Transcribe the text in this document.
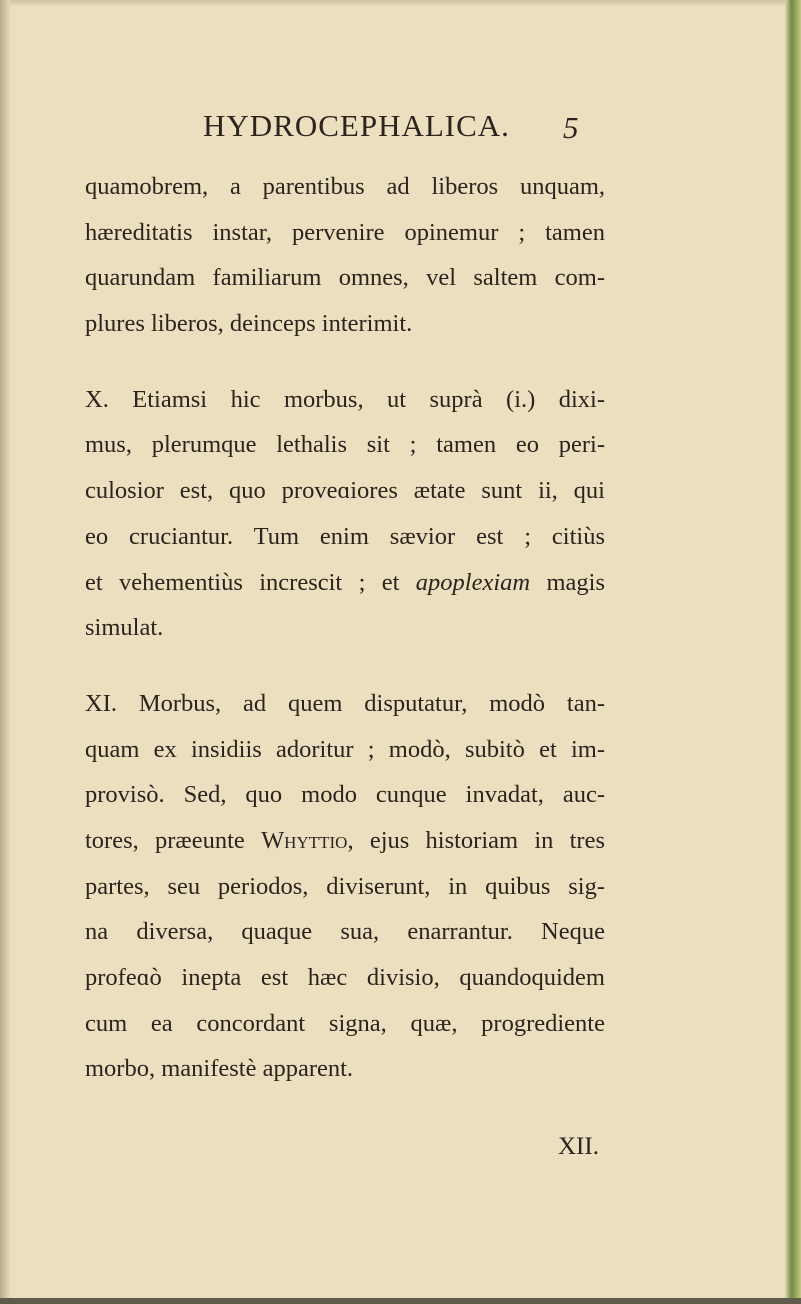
HYDROCEPHALICA. 5
quamobrem, a parentibus ad liberos unquam,
hæreditatis instar, pervenire opinemur ; tamen
quarundam familiarum omnes, vel saltem com-
plures liberos, deinceps interimit.
X. Etiamsi hic morbus, ut suprà (i.) dixi-
mus, plerumque lethalis sit ; tamen eo peri-
culosior est, quo proveɑiores ætate sunt ii, qui
eo cruciantur. Tum enim sævior est ; citiùs
et vehementiùs increscit ; et apoplexiam magis
simulat.
XI. Morbus, ad quem disputatur, modò tan-
quam ex insidiis adoritur ; modò, subitò et im-
provisò. Sed, quo modo cunque invadat, auc-
tores, præeunte Whyttio, ejus historiam in tres
partes, seu periodos, diviserunt, in quibus sig-
na diversa, quaque sua, enarrantur. Neque
profeɑò inepta est hæc divisio, quandoquidem
cum ea concordant signa, quæ, progrediente
morbo, manifestè apparent.
XII.
